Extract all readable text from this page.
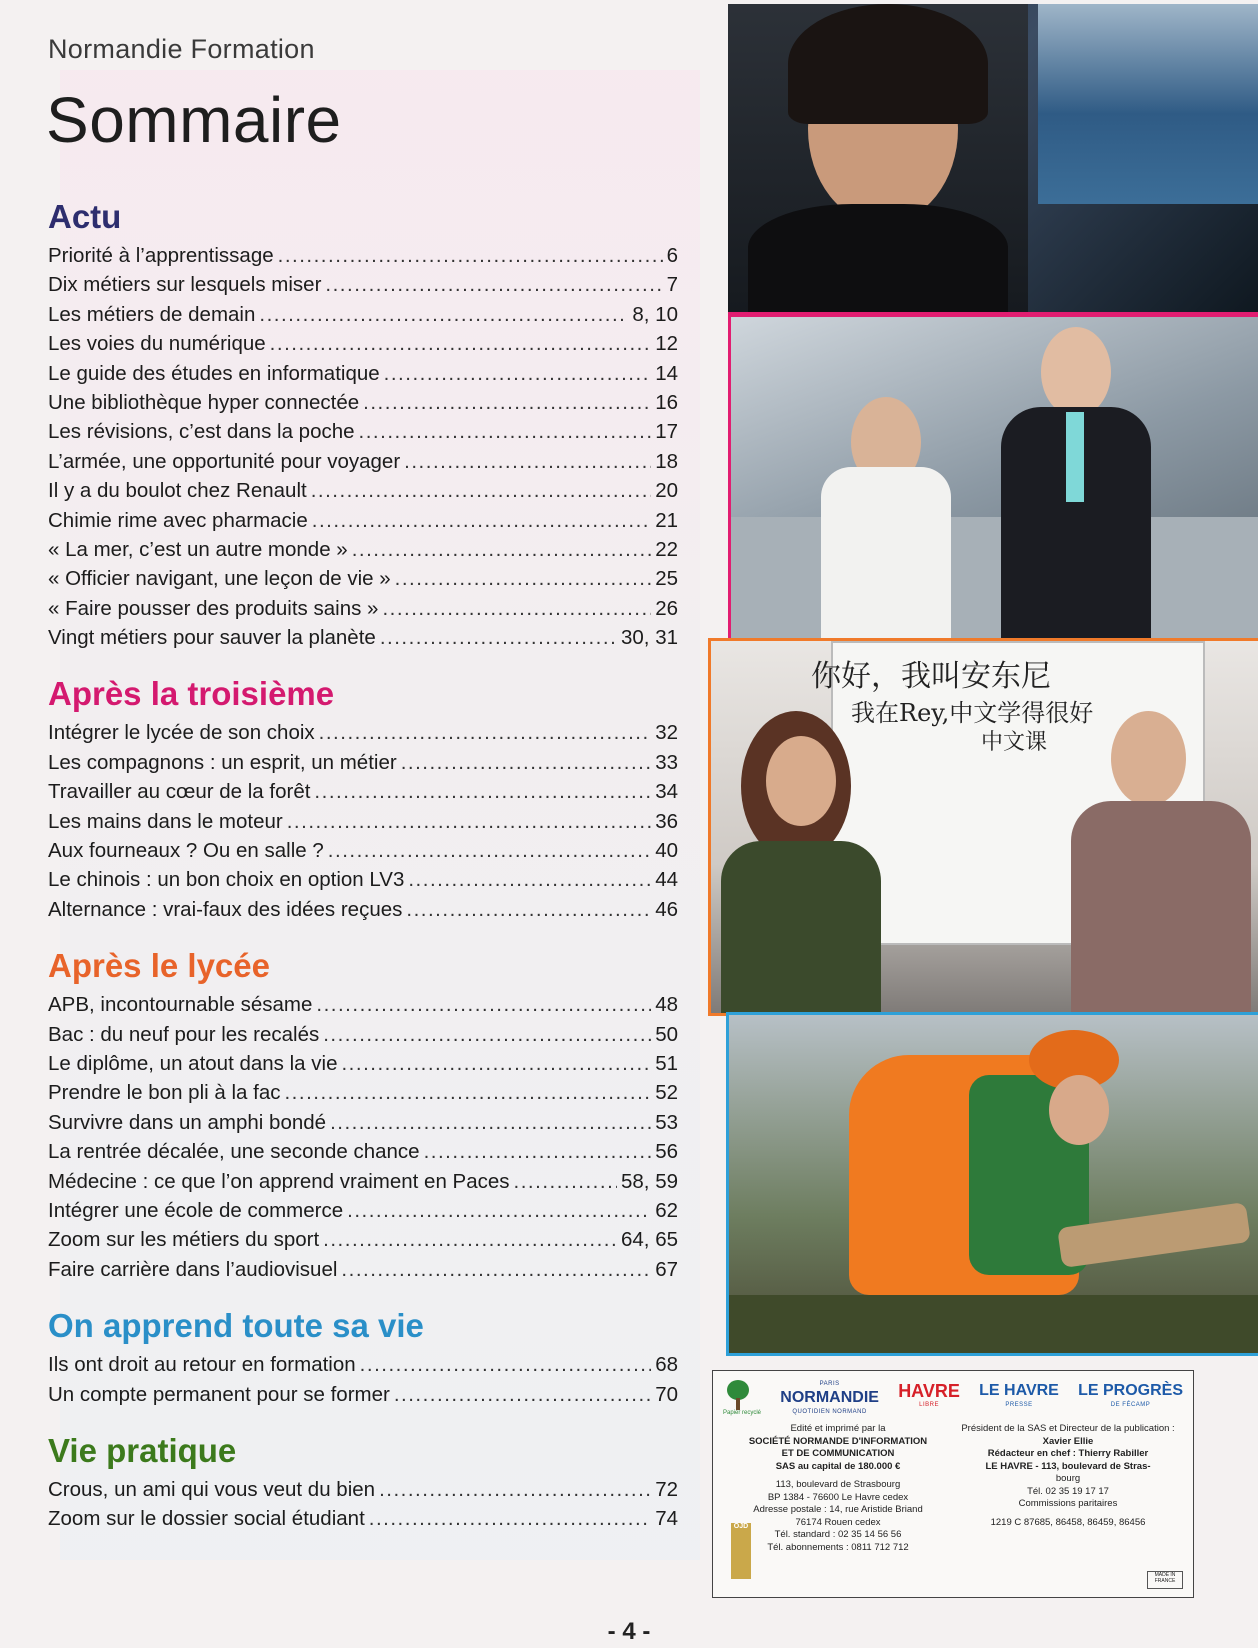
Normandie Formation
Sommaire
Actu
Priorité à l’apprentissage .....	6
Dix métiers sur lesquels miser .....	7
Les métiers de demain .....	8, 10
Les voies du numérique .....	12
Le guide des études en informatique .....	14
Une bibliothèque hyper connectée .....	16
Les révisions, c’est dans la poche .....	17
L’armée, une opportunité pour voyager .....	18
Il y a du boulot chez Renault .....	20
Chimie rime avec pharmacie .....	21
« La mer, c’est un autre monde » .....	22
« Officier navigant, une leçon de vie » .....	25
« Faire pousser des produits sains » .....	26
Vingt métiers pour sauver la planète .....	30, 31
Après la troisième
Intégrer le lycée de son choix .....	32
Les compagnons : un esprit, un métier .....	33
Travailler au cœur de la forêt .....	34
Les mains dans le moteur .....	36
Aux fourneaux ? Ou en salle ? .....	40
Le chinois : un bon choix en option LV3 .....	44
Alternance : vrai-faux des idées reçues .....	46
Après le lycée
APB, incontournable sésame .....	48
Bac : du neuf pour les recalés .....	50
Le diplôme, un atout dans la vie .....	51
Prendre le bon pli à la fac .....	52
Survivre dans un amphi bondé .....	53
La rentrée décalée, une seconde chance .....	56
Médecine : ce que l’on apprend vraiment en Paces .....	58, 59
Intégrer une école de commerce .....	62
Zoom sur les métiers du sport .....	64, 65
Faire carrière dans l’audiovisuel .....	67
On apprend toute sa vie
Ils ont droit au retour en formation .....	68
Un compte permanent pour se former .....	70
Vie pratique
Crous, un ami qui vous veut du bien .....	72
Zoom sur le dossier social étudiant .....	74
你好，我叫安东尼
我在Rey,中文学得很好
中文课
Papier recyclé
PARIS
NORMANDIE
QUOTIDIEN NORMAND
HAVRE
LIBRE
LE HAVRE
PRESSE
LE PROGRÈS
DE FÉCAMP
Edité et imprimé par la
SOCIÉTÉ NORMANDE D'INFORMATION
ET DE COMMUNICATION
SAS au capital de 180.000 €
113, boulevard de Strasbourg
BP 1384 - 76600 Le Havre cedex
Adresse postale : 14, rue Aristide Briand
76174 Rouen cedex
Tél. standard : 02 35 14 56 56
Tél. abonnements : 0811 712 712
Président de la SAS et Directeur de la publication :
Xavier Ellie
Rédacteur en chef : Thierry Rabiller
LE HAVRE - 113, boulevard de Stras-
bourg
Tél. 02 35 19 17 17
Commissions paritaires
1219 C 87685, 86458, 86459, 86456
OJD
MADE IN FRANCE
- 4 -
